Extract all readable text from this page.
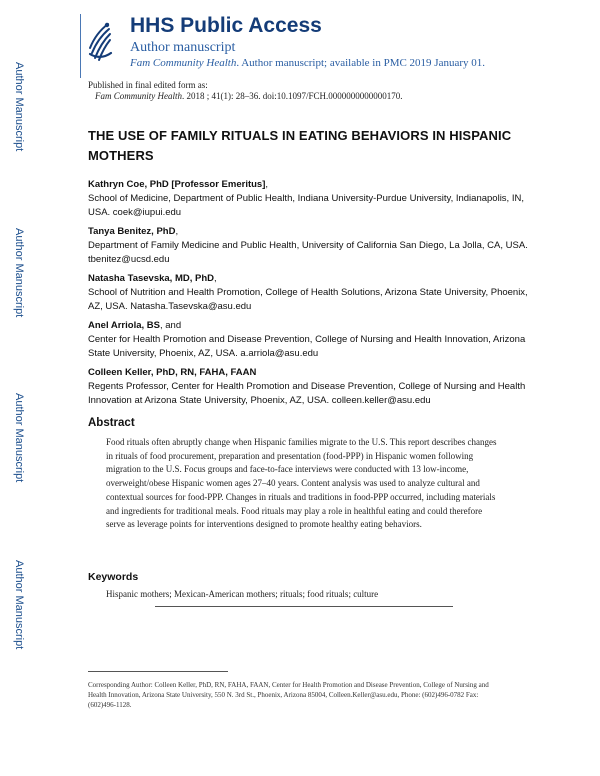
Author Manuscript
Author Manuscript
Author Manuscript
Author Manuscript
HHS Public Access
Author manuscript
Fam Community Health. Author manuscript; available in PMC 2019 January 01.
Published in final edited form as:
Fam Community Health. 2018 ; 41(1): 28–36. doi:10.1097/FCH.0000000000000170.
THE USE OF FAMILY RITUALS IN EATING BEHAVIORS IN HISPANIC MOTHERS
Kathryn Coe, PhD [Professor Emeritus],
School of Medicine, Department of Public Health, Indiana University-Purdue University, Indianapolis, IN, USA. coek@iupui.edu
Tanya Benitez, PhD,
Department of Family Medicine and Public Health, University of California San Diego, La Jolla, CA, USA. tbenitez@ucsd.edu
Natasha Tasevska, MD, PhD,
School of Nutrition and Health Promotion, College of Health Solutions, Arizona State University, Phoenix, AZ, USA. Natasha.Tasevska@asu.edu
Anel Arriola, BS, and
Center for Health Promotion and Disease Prevention, College of Nursing and Health Innovation, Arizona State University, Phoenix, AZ, USA. a.arriola@asu.edu
Colleen Keller, PhD, RN, FAHA, FAAN
Regents Professor, Center for Health Promotion and Disease Prevention, College of Nursing and Health Innovation at Arizona State University, Phoenix, AZ, USA. colleen.keller@asu.edu
Abstract
Food rituals often abruptly change when Hispanic families migrate to the U.S. This report describes changes in rituals of food procurement, preparation and presentation (food-PPP) in Hispanic women following migration to the U.S. Focus groups and face-to-face interviews were conducted with 13 low-income, overweight/obese Hispanic women ages 27–40 years. Content analysis was used to analyze cultural and contextual sources for food-PPP. Changes in rituals and traditions in food-PPP occurred, including materials and ingredients for traditional meals. Food rituals may play a role in healthful eating and could therefore serve as leverage points for interventions designed to promote healthy eating behaviors.
Keywords
Hispanic mothers; Mexican-American mothers; rituals; food rituals; culture
Corresponding Author: Colleen Keller, PhD, RN, FAHA, FAAN, Center for Health Promotion and Disease Prevention, College of Nursing and Health Innovation, Arizona State University, 550 N. 3rd St., Phoenix, Arizona 85004, Colleen.Keller@asu.edu, Phone: (602)496-0782 Fax: (602)496-1128.
